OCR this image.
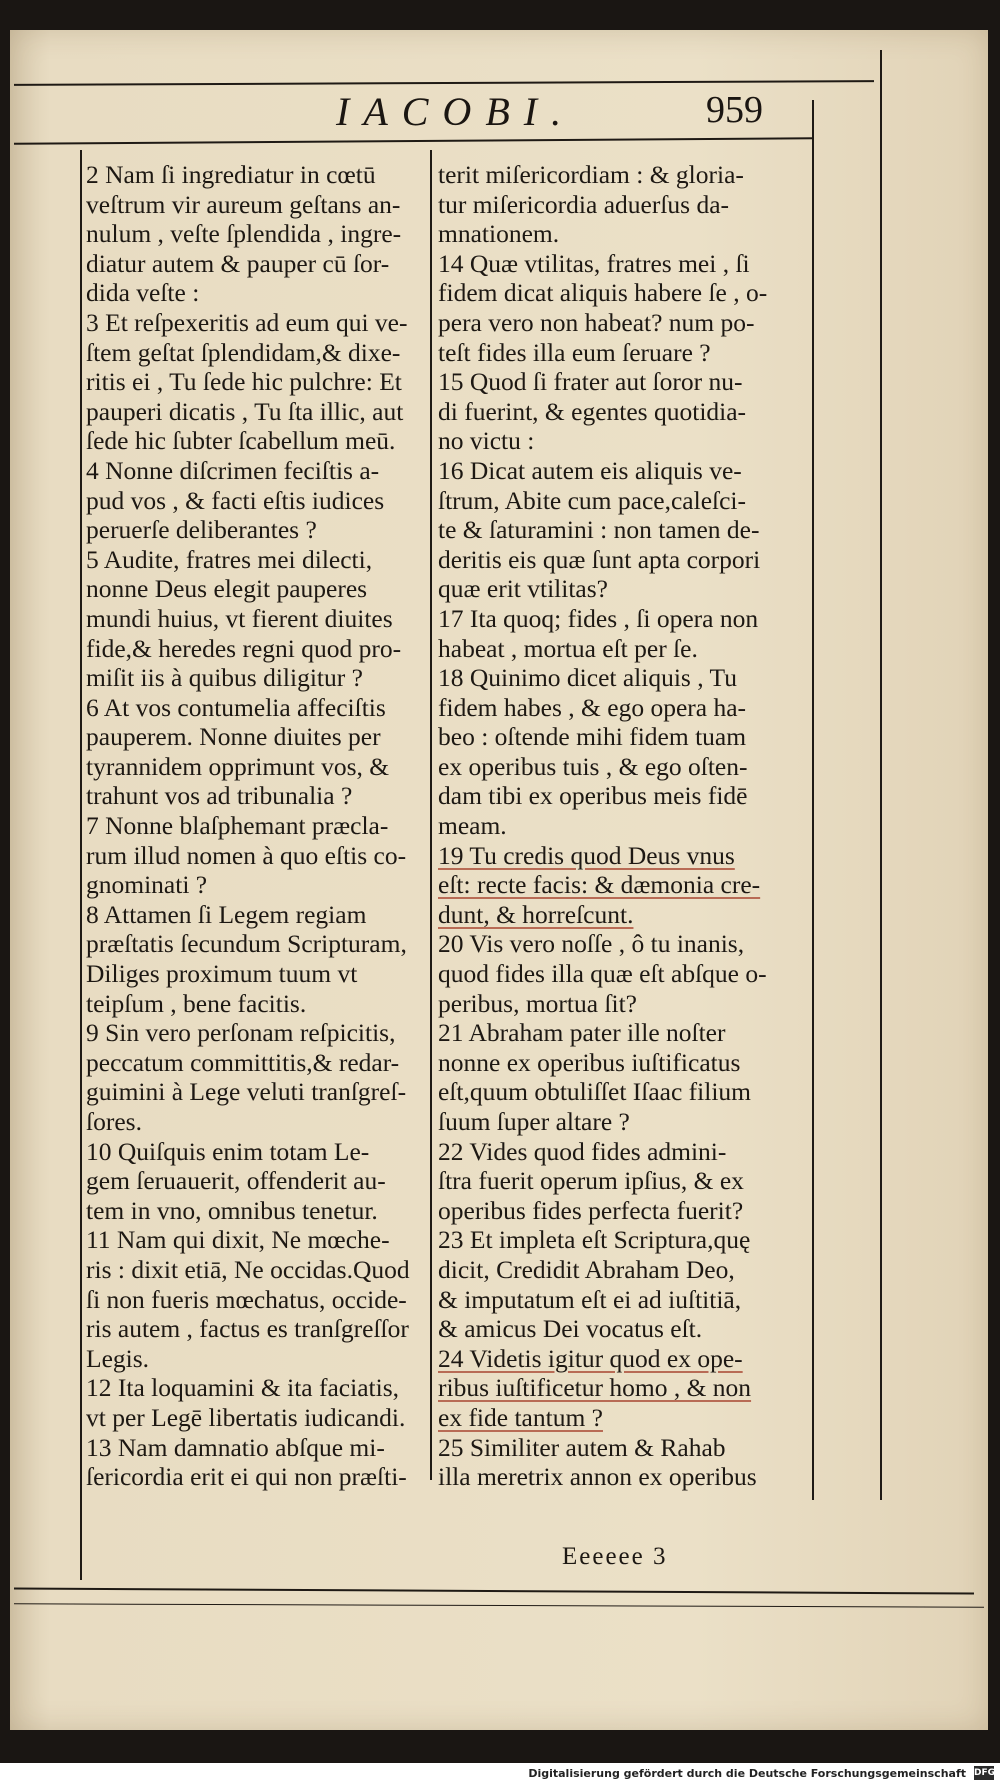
IACOBI.	959
2 Nam ſi ingrediatur in cœtū
veſtrum vir aureum geſtans an-
nulum , veſte ſplendida , ingre-
diatur autem & pauper cū ſor-
dida veſte :
3 Et reſpexeritis ad eum qui ve-
ſtem geſtat ſplendidam,& dixe-
ritis ei , Tu ſede hic pulchre: Et
pauperi dicatis , Tu ſta illic, aut
ſede hic ſubter ſcabellum meū.
4 Nonne diſcrimen feciſtis a-
pud vos , & facti eſtis iudices
peruerſe deliberantes ?
5 Audite, fratres mei dilecti,
nonne Deus elegit pauperes
mundi huius, vt fierent diuites
fide,& heredes regni quod pro-
miſit iis à quibus diligitur ?
6 At vos contumelia affeciſtis
pauperem. Nonne diuites per
tyrannidem opprimunt vos, &
trahunt vos ad tribunalia ?
7 Nonne blaſphemant præcla-
rum illud nomen à quo eſtis co-
gnominati ?
8 Attamen ſi Legem regiam
præſtatis ſecundum Scripturam,
Diliges proximum tuum vt
teipſum , bene facitis.
9 Sin vero perſonam reſpicitis,
peccatum committitis,& redar-
guimini à Lege veluti tranſgreſ-
ſores.
10 Quiſquis enim totam Le-
gem ſeruauerit, offenderit au-
tem in vno, omnibus tenetur.
11 Nam qui dixit, Ne mœche-
ris : dixit etiā, Ne occidas.Quod
ſi non fueris mœchatus, occide-
ris autem , factus es tranſgreſſor
Legis.
12 Ita loquamini & ita faciatis,
vt per Legē libertatis iudicandi.
13 Nam damnatio abſque mi-
ſericordia erit ei qui non præſti-
terit miſericordiam : & gloria-
tur miſericordia aduerſus da-
mnationem.
14 Quæ vtilitas, fratres mei , ſi
fidem dicat aliquis habere ſe , o-
pera vero non habeat? num po-
teſt fides illa eum ſeruare ?
15 Quod ſi frater aut ſoror nu-
di fuerint, & egentes quotidia-
no victu :
16 Dicat autem eis aliquis ve-
ſtrum, Abite cum pace,caleſci-
te & ſaturamini : non tamen de-
deritis eis quæ ſunt apta corpori
quæ erit vtilitas?
17 Ita quoq; fides , ſi opera non
habeat , mortua eſt per ſe.
18 Quinimo dicet aliquis , Tu
fidem habes , & ego opera ha-
beo : oſtende mihi fidem tuam
ex operibus tuis , & ego oſten-
dam tibi ex operibus meis fidē
meam.
19 Tu credis quod Deus vnus
eſt: recte facis: & dæmonia cre-
dunt, & horreſcunt.
20 Vis vero noſſe , ô tu inanis,
quod fides illa quæ eſt abſque o-
peribus, mortua ſit?
21 Abraham pater ille noſter
nonne ex operibus iuſtificatus
eſt,quum obtuliſſet Iſaac filium
ſuum ſuper altare ?
22 Vides quod fides admini-
ſtra fuerit operum ipſius, & ex
operibus fides perfecta fuerit?
23 Et impleta eſt Scriptura,quę
dicit, Credidit Abraham Deo,
& imputatum eſt ei ad iuſtitiā,
& amicus Dei vocatus eſt.
24 Videtis igitur quod ex ope-
ribus iuſtificetur homo , & non
ex fide tantum ?
25 Similiter autem & Rahab
illa meretrix annon ex operibus
Eeeeee 3
Digitalisierung gefördert durch die Deutsche Forschungsgemeinschaft DFG
